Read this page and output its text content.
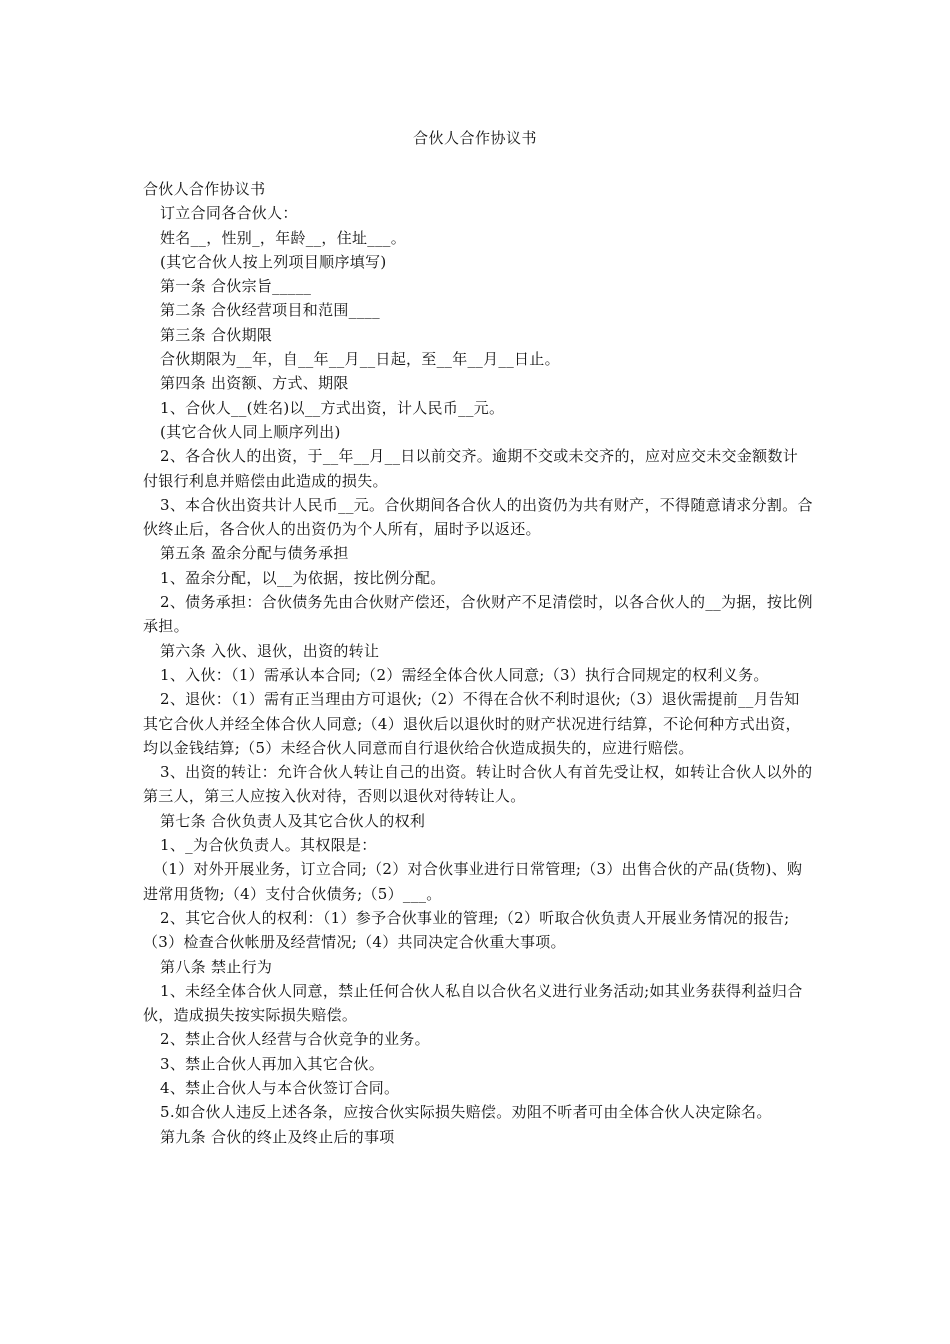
合伙人合作协议书

合伙人合作协议书

订立合同各合伙人：

姓名__，性别_，年龄__，住址___。

(其它合伙人按上列项目顺序填写)

第一条 合伙宗旨_____

第二条 合伙经营项目和范围____

第三条 合伙期限

合伙期限为__年，自__年__月__日起，至__年__月__日止。

第四条 出资额、方式、期限

1、合伙人__(姓名)以__方式出资，计人民币__元。

(其它合伙人同上顺序列出)

2、各合伙人的出资，于__年__月__日以前交齐。逾期不交或未交齐的，应对应交未交金额数计付银行利息并赔偿由此造成的损失。

3、本合伙出资共计人民币__元。合伙期间各合伙人的出资仍为共有财产，不得随意请求分割。合伙终止后，各合伙人的出资仍为个人所有，届时予以返还。

第五条 盈余分配与债务承担

1、盈余分配，以__为依据，按比例分配。

2、债务承担：合伙债务先由合伙财产偿还，合伙财产不足清偿时，以各合伙人的__为据，按比例承担。

第六条 入伙、退伙，出资的转让

1、入伙：（1）需承认本合同;（2）需经全体合伙人同意;（3）执行合同规定的权利义务。

2、退伙：（1）需有正当理由方可退伙;（2）不得在合伙不利时退伙;（3）退伙需提前__月告知其它合伙人并经全体合伙人同意;（4）退伙后以退伙时的财产状况进行结算，不论何种方式出资，均以金钱结算;（5）未经合伙人同意而自行退伙给合伙造成损失的，应进行赔偿。

3、出资的转让：允许合伙人转让自己的出资。转让时合伙人有首先受让权，如转让合伙人以外的第三人，第三人应按入伙对待，否则以退伙对待转让人。

第七条 合伙负责人及其它合伙人的权利

1、_为合伙负责人。其权限是：

（1）对外开展业务，订立合同;（2）对合伙事业进行日常管理;（3）出售合伙的产品(货物)、购进常用货物;（4）支付合伙债务;（5）___。

2、其它合伙人的权利：（1）参予合伙事业的管理;（2）听取合伙负责人开展业务情况的报告;（3）检查合伙帐册及经营情况;（4）共同决定合伙重大事项。

第八条 禁止行为

1、未经全体合伙人同意，禁止任何合伙人私自以合伙名义进行业务活动;如其业务获得利益归合伙，造成损失按实际损失赔偿。

2、禁止合伙人经营与合伙竞争的业务。

3、禁止合伙人再加入其它合伙。

4、禁止合伙人与本合伙签订合同。

5.如合伙人违反上述各条，应按合伙实际损失赔偿。劝阻不听者可由全体合伙人决定除名。

第九条 合伙的终止及终止后的事项
